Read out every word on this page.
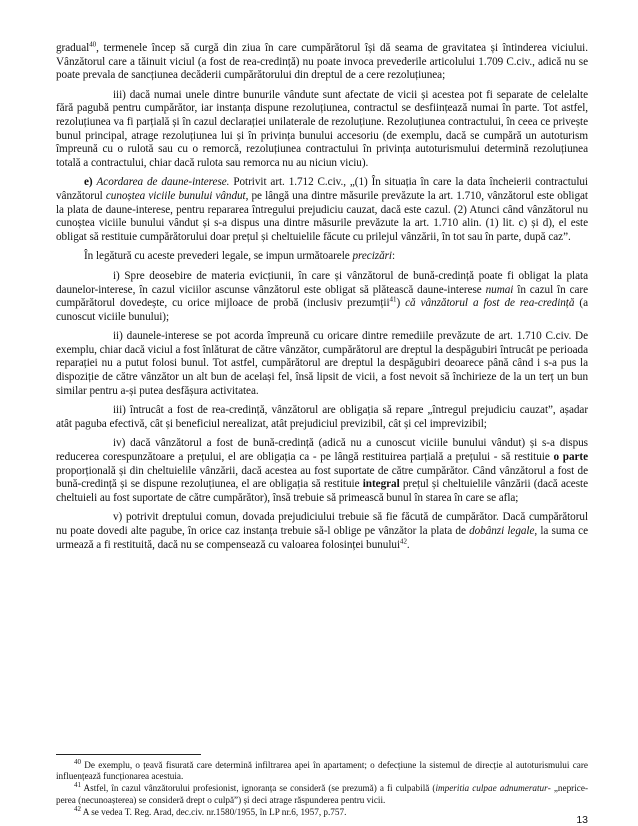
gradual$^{40}$, termenele încep să curgă din ziua în care cumpărătorul își dă seama de gravitatea și întinderea viciului. Vânzătorul care a tăinuit viciul (a fost de rea-credință) nu poate invoca prevederile articolului 1.709 C.civ., adică nu se poate prevala de sancțiunea decăderii cumpărătorului din dreptul de a cere rezoluțiunea;

iii) dacă numai unele dintre bunurile vândute sunt afectate de vicii și acestea pot fi separate de celelalte fără pagubă pentru cumpărător, iar instanța dispune rezoluțiunea, contractul se desființează numai în parte. Tot astfel, rezoluțiunea va fi parțială și în cazul declarației unilaterale de rezoluțiune. Rezoluțiunea contractului, în ceea ce privește bunul principal, atrage rezoluțiunea lui și în privința bunului accesoriu (de exemplu, dacă se cumpără un autoturism împreună cu o rulotă sau cu o remorcă, rezoluțiunea contractului în privința autoturismului determină rezoluțiunea totală a contractului, chiar dacă rulota sau remorca nu au niciun viciu).

e) Acordarea de daune-interese. Potrivit art. 1.712 C.civ., „(1) În situația în care la data încheierii contractului vânzătorul cunoștea viciile bunului vândut, pe lângă una dintre măsurile prevăzute la art. 1.710, vânzătorul este obligat la plata de daune-interese, pentru repararea întregului prejudiciu cauzat, dacă este cazul. (2) Atunci când vânzătorul nu cunoștea viciile bunului vândut și s-a dispus una dintre măsurile prevăzute la art. 1.710 alin. (1) lit. c) și d), el este obligat să restituie cumpărătorului doar prețul și cheltuielile făcute cu prilejul vânzării, în tot sau în parte, după caz”.

În legătură cu aceste prevederi legale, se impun următoarele precizări:

i) Spre deosebire de materia evicțiunii, în care și vânzătorul de bună-credință poate fi obligat la plata daunelor-interese, în cazul viciilor ascunse vânzătorul este obligat să plătească daune-interese numai în cazul în care cumpărătorul dovedește, cu orice mijloace de probă (inclusiv prezumții$^{41}$) că vânzătorul a fost de rea-credință (a cunoscut viciile bunului);

ii) daunele-interese se pot acorda împreună cu oricare dintre remediile prevăzute de art. 1.710 C.civ. De exemplu, chiar dacă viciul a fost înlăturat de către vânzător, cumpărătorul are dreptul la despăgubiri întrucât pe perioada reparației nu a putut folosi bunul. Tot astfel, cumpărătorul are dreptul la despăgubiri deoarece până când i s-a pus la dispoziție de către vânzător un alt bun de același fel, însă lipsit de vicii, a fost nevoit să închirieze de la un terț un bun similar pentru a-și putea desfășura activitatea.

iii) întrucât a fost de rea-credință, vânzătorul are obligația să repare „întregul prejudiciu cauzat”, așadar atât paguba efectivă, cât și beneficiul nerealizat, atât prejudiciul previzibil, cât și cel imprevizibil;

iv) dacă vânzătorul a fost de bună-credință (adică nu a cunoscut viciile bunului vândut) și s-a dispus reducerea corespunzătoare a prețului, el are obligația ca - pe lângă restituirea parțială a prețului - să restituie o parte proporțională și din cheltuielile vânzării, dacă acestea au fost suportate de către cumpărător. Când vânzătorul a fost de bună-credință și se dispune rezoluțiunea, el are obligația să restituie integral prețul și cheltuielile vânzării (dacă aceste cheltuieli au fost suportate de către cumpărător), însă trebuie să primească bunul în starea în care se afla;

v) potrivit dreptului comun, dovada prejudiciului trebuie să fie făcută de cumpărător. Dacă cumpărătorul nu poate dovedi alte pagube, în orice caz instanța trebuie să-l oblige pe vânzător la plata de dobânzi legale, la suma ce urmează a fi restituită, dacă nu se compensează cu valoarea folosinței bunului$^{42}$.

$^{40}$ De exemplu, o țeavă fisurată care determină infiltrarea apei în apartament; o defecțiune la sistemul de direcție al autoturismului care influențează funcționarea acestuia.
$^{41}$ Astfel, în cazul vânzătorului profesionist, ignoranța se consideră (se prezumă) a fi culpabilă (imperitia culpae adnumeratur- „nepriceperea (necunoașterea) se consideră drept o culpă”) și deci atrage răspunderea pentru vicii.
$^{42}$ A se vedea T. Reg. Arad, dec.civ. nr.1580/1955, în LP nr.6, 1957, p.757.
13
